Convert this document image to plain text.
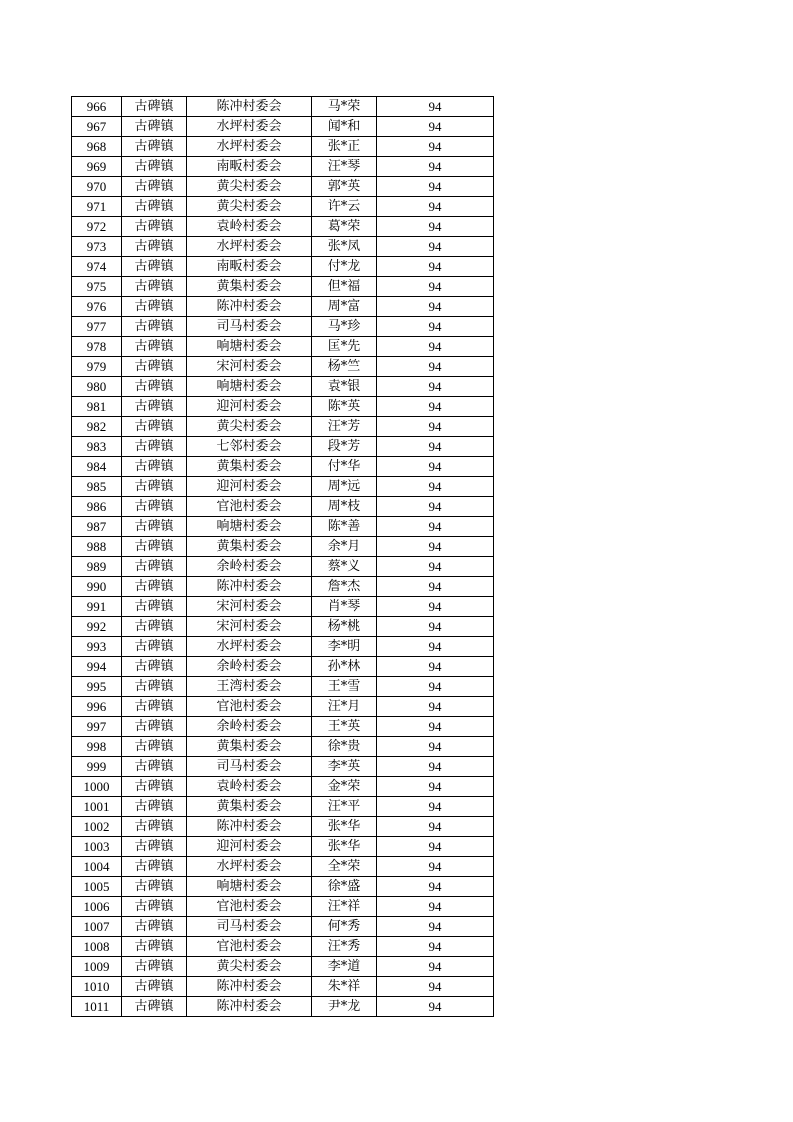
966	古碑镇	陈冲村委会	马*荣	94
967	古碑镇	水坪村委会	闻*和	94
968	古碑镇	水坪村委会	张*正	94
969	古碑镇	南畈村委会	汪*琴	94
970	古碑镇	黄尖村委会	郭*英	94
971	古碑镇	黄尖村委会	许*云	94
972	古碑镇	袁岭村委会	葛*荣	94
973	古碑镇	水坪村委会	张*凤	94
974	古碑镇	南畈村委会	付*龙	94
975	古碑镇	黄集村委会	但*福	94
976	古碑镇	陈冲村委会	周*富	94
977	古碑镇	司马村委会	马*珍	94
978	古碑镇	响塘村委会	匡*先	94
979	古碑镇	宋河村委会	杨*竺	94
980	古碑镇	响塘村委会	袁*银	94
981	古碑镇	迎河村委会	陈*英	94
982	古碑镇	黄尖村委会	汪*芳	94
983	古碑镇	七邻村委会	段*芳	94
984	古碑镇	黄集村委会	付*华	94
985	古碑镇	迎河村委会	周*远	94
986	古碑镇	官池村委会	周*枝	94
987	古碑镇	响塘村委会	陈*善	94
988	古碑镇	黄集村委会	余*月	94
989	古碑镇	余岭村委会	蔡*义	94
990	古碑镇	陈冲村委会	詹*杰	94
991	古碑镇	宋河村委会	肖*琴	94
992	古碑镇	宋河村委会	杨*桃	94
993	古碑镇	水坪村委会	李*明	94
994	古碑镇	余岭村委会	孙*林	94
995	古碑镇	王湾村委会	王*雪	94
996	古碑镇	官池村委会	汪*月	94
997	古碑镇	余岭村委会	王*英	94
998	古碑镇	黄集村委会	徐*贵	94
999	古碑镇	司马村委会	李*英	94
1000	古碑镇	袁岭村委会	金*荣	94
1001	古碑镇	黄集村委会	汪*平	94
1002	古碑镇	陈冲村委会	张*华	94
1003	古碑镇	迎河村委会	张*华	94
1004	古碑镇	水坪村委会	全*荣	94
1005	古碑镇	响塘村委会	徐*盛	94
1006	古碑镇	官池村委会	汪*祥	94
1007	古碑镇	司马村委会	何*秀	94
1008	古碑镇	官池村委会	汪*秀	94
1009	古碑镇	黄尖村委会	李*道	94
1010	古碑镇	陈冲村委会	朱*祥	94
1011	古碑镇	陈冲村委会	尹*龙	94
